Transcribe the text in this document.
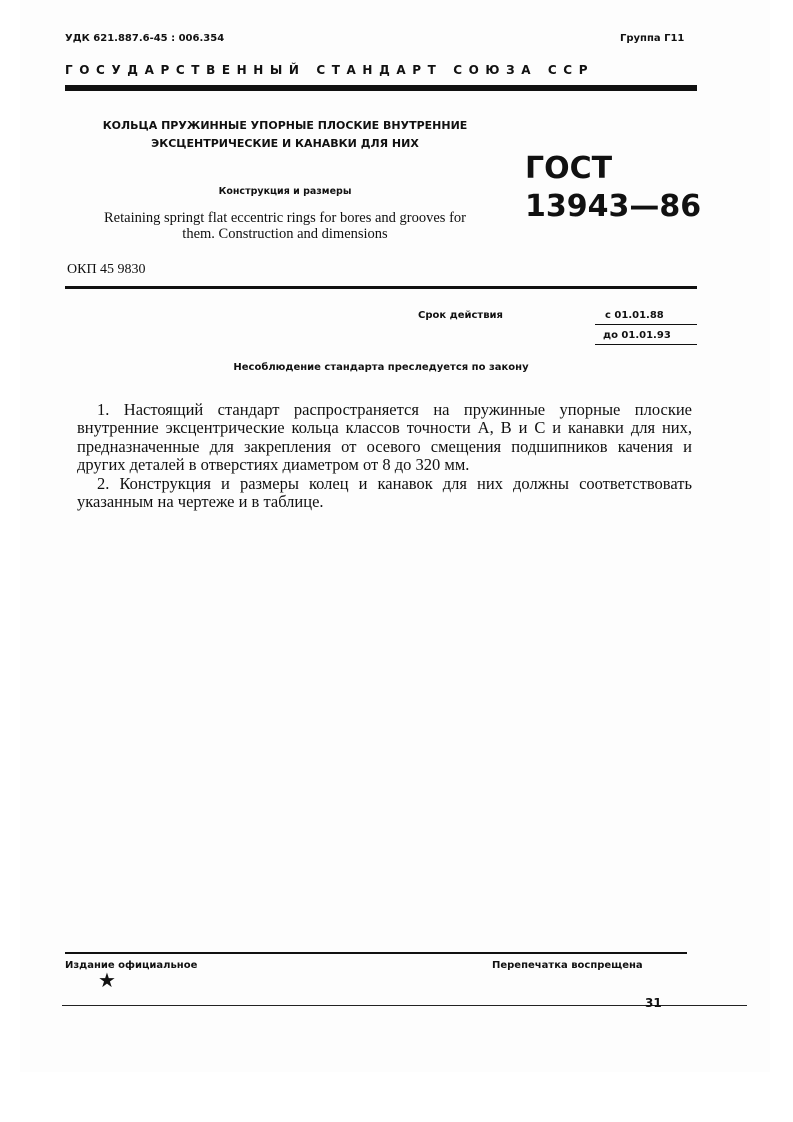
УДК 621.887.6-45 : 006.354	Группа Г11
ГОСУДАРСТВЕННЫЙ СТАНДАРТ СОЮЗА ССР
КОЛЬЦА ПРУЖИННЫЕ УПОРНЫЕ ПЛОСКИЕ ВНУТРЕННИЕ ЭКСЦЕНТРИЧЕСКИЕ И КАНАВКИ ДЛЯ НИХ
Конструкция и размеры
Retaining springt flat eccentric rings for bores and grooves for them. Construction and dimensions
ОКП 45 9830
ГОСТ
13943—86
Срок действия	с 01.01.88
до 01.01.93
Несоблюдение стандарта преследуется по закону

1. Настоящий стандарт распространяется на пружинные упорные плоские внутренние эксцентрические кольца классов точности А, В и С и канавки для них, предназначенные для закрепления от осевого смещения подшипников качения и других деталей в отверстиях диаметром от 8 до 320 мм.

2. Конструкция и размеры колец и канавок для них должны соответствовать указанным на чертеже и в таблице.

Издание официальное	Перепечатка воспрещена
★
31
